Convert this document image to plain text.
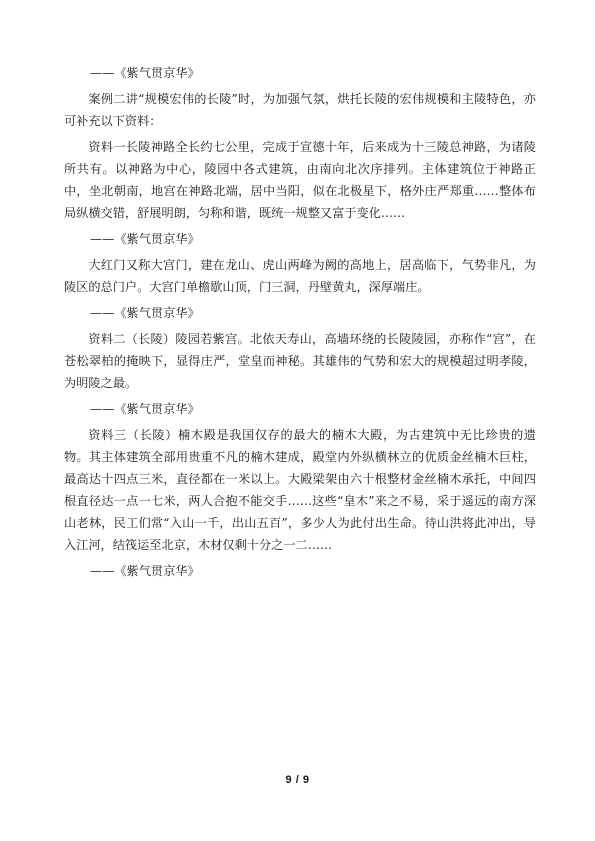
——《紫气贯京华》
案例二讲“规模宏伟的长陵”时，为加强气氛，烘托长陵的宏伟规模和主陵特色，亦可补充以下资料：
资料一长陵神路全长约七公里，完成于宣德十年，后来成为十三陵总神路，为诸陵所共有。以神路为中心，陵园中各式建筑，由南向北次序排列。主体建筑位于神路正中，坐北朝南，地宫在神路北端，居中当阳，似在北极星下，格外庄严郑重……整体布局纵横交错，舒展明朗，匀称和谐，既统一规整又富于变化……
——《紫气贯京华》
大红门又称大宫门，建在龙山、虎山两峰为阙的高地上，居高临下，气势非凡，为陵区的总门户。大宫门单檐歇山顶，门三洞，丹壁黄丸，深厚端庄。
——《紫气贯京华》
资料二（长陵）陵园若紫宫。北依天寿山，高墙环绕的长陵陵园，亦称作“宫”，在苍松翠柏的掩映下，显得庄严，堂皇而神秘。其雄伟的气势和宏大的规模超过明孝陵，为明陵之最。
——《紫气贯京华》
资料三（长陵）楠木殿是我国仅存的最大的楠木大殿，为古建筑中无比珍贵的遗物。其主体建筑全部用贵重不凡的楠木建成，殿堂内外纵横林立的优质金丝楠木巨柱，最高达十四点三米，直径都在一米以上。大殿梁架由六十根整材金丝楠木承托，中间四根直径达一点一七米，两人合抱不能交手……这些“皇木”来之不易，采于遥远的南方深山老林，民工们常“入山一千，出山五百”，多少人为此付出生命。待山洪将此冲出，导入江河，结筏运至北京，木材仅剩十分之一二……
——《紫气贯京华》
9 / 9
